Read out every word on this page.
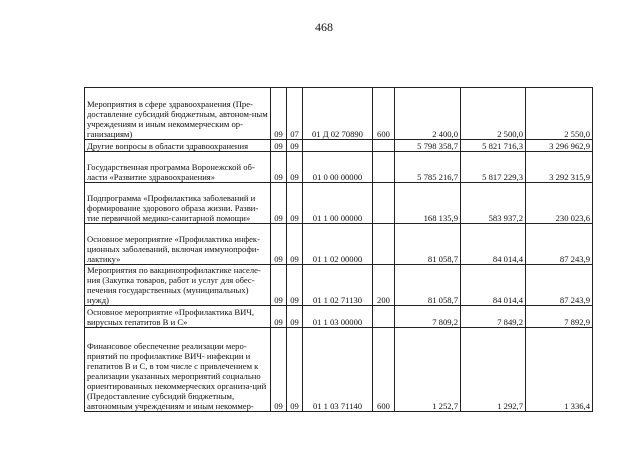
468
Мероприятия в сфере здравоохранения (Пре-доставление субсидий бюджетным, автоном-ным учреждениям и иным некоммерческим ор-ганизациям)	09	07	01 Д 02 70890	600	2 400,0	2 500,0	2 550,0
Другие вопросы в области здравоохранения	09	09			5 798 358,7	5 821 716,3	3 296 962,9
Государственная программа Воронежской об-ласти «Развитие здравоохранения»	09	09	01 0 00 00000		5 785 216,7	5 817 229,3	3 292 315,9
Подпрограмма «Профилактика заболеваний и формирование здорового образа жизни. Разви-тие первичной медико-санитарной помощи»	09	09	01 1 00 00000		168 135,9	583 937,2	230 023,6
Основное мероприятие «Профилактика инфек-ционных заболеваний, включая иммунопрофи-лактику»	09	09	01 1 02 00000		81 058,7	84 014,4	87 243,9
Мероприятия по вакцинопрофилактике населе-ния (Закупка товаров, работ и услуг для обес-печения государственных (муниципальных) нужд)	09	09	01 1 02 71130	200	81 058,7	84 014,4	87 243,9
Основное мероприятие «Профилактика ВИЧ, вирусных гепатитов В и С»	09	09	01 1 03 00000		7 809,2	7 849,2	7 892,9
Финансовое обеспечение реализации меро-приятий по профилактике ВИЧ- инфекции и гепатитов В и С, в том числе с привлечением к реализации указанных мероприятий социально ориентированных некоммерческих организа-ций (Предоставление субсидий бюджетным, автономным учреждениям и иным некоммер-	09	09	01 1 03 71140	600	1 252,7	1 292,7	1 336,4
